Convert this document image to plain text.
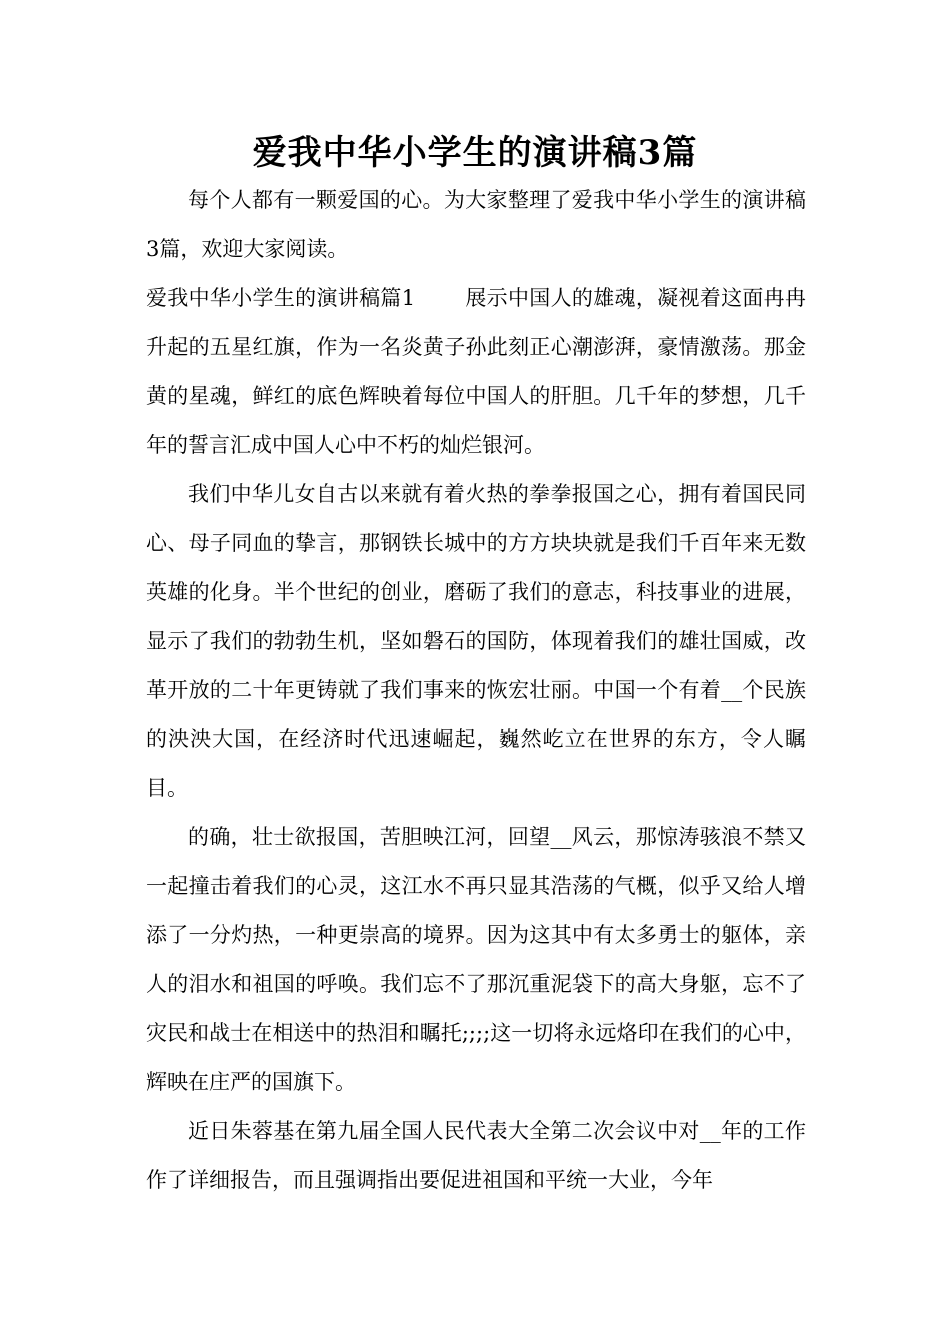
爱我中华小学生的演讲稿3篇

每个人都有一颗爱国的心。为大家整理了爱我中华小学生的演讲稿3篇，欢迎大家阅读。

爱我中华小学生的演讲稿篇1 展示中国人的雄魂，凝视着这面冉冉升起的五星红旗，作为一名炎黄子孙此刻正心潮澎湃，豪情激荡。那金黄的星魂，鲜红的底色辉映着每位中国人的肝胆。几千年的梦想，几千年的誓言汇成中国人心中不朽的灿烂银河。

我们中华儿女自古以来就有着火热的拳拳报国之心，拥有着国民同心、母子同血的挚言，那钢铁长城中的方方块块就是我们千百年来无数英雄的化身。半个世纪的创业，磨砺了我们的意志，科技事业的进展，显示了我们的勃勃生机，坚如磐石的国防，体现着我们的雄壮国威，改革开放的二十年更铸就了我们事来的恢宏壮丽。中国一个有着__个民族的泱泱大国，在经济时代迅速崛起，巍然屹立在世界的东方，令人瞩目。

的确，壮士欲报国，苦胆映江河，回望__风云，那惊涛骇浪不禁又一起撞击着我们的心灵，这江水不再只显其浩荡的气概，似乎又给人增添了一分灼热，一种更崇高的境界。因为这其中有太多勇士的躯体，亲人的泪水和祖国的呼唤。我们忘不了那沉重泥袋下的高大身躯，忘不了灾民和战士在相送中的热泪和瞩托;;;;这一切将永远烙印在我们的心中，辉映在庄严的国旗下。

近日朱蓉基在第九届全国人民代表大全第二次会议中对__年的工作作了详细报告，而且强调指出要促进祖国和平统一大业，今年
